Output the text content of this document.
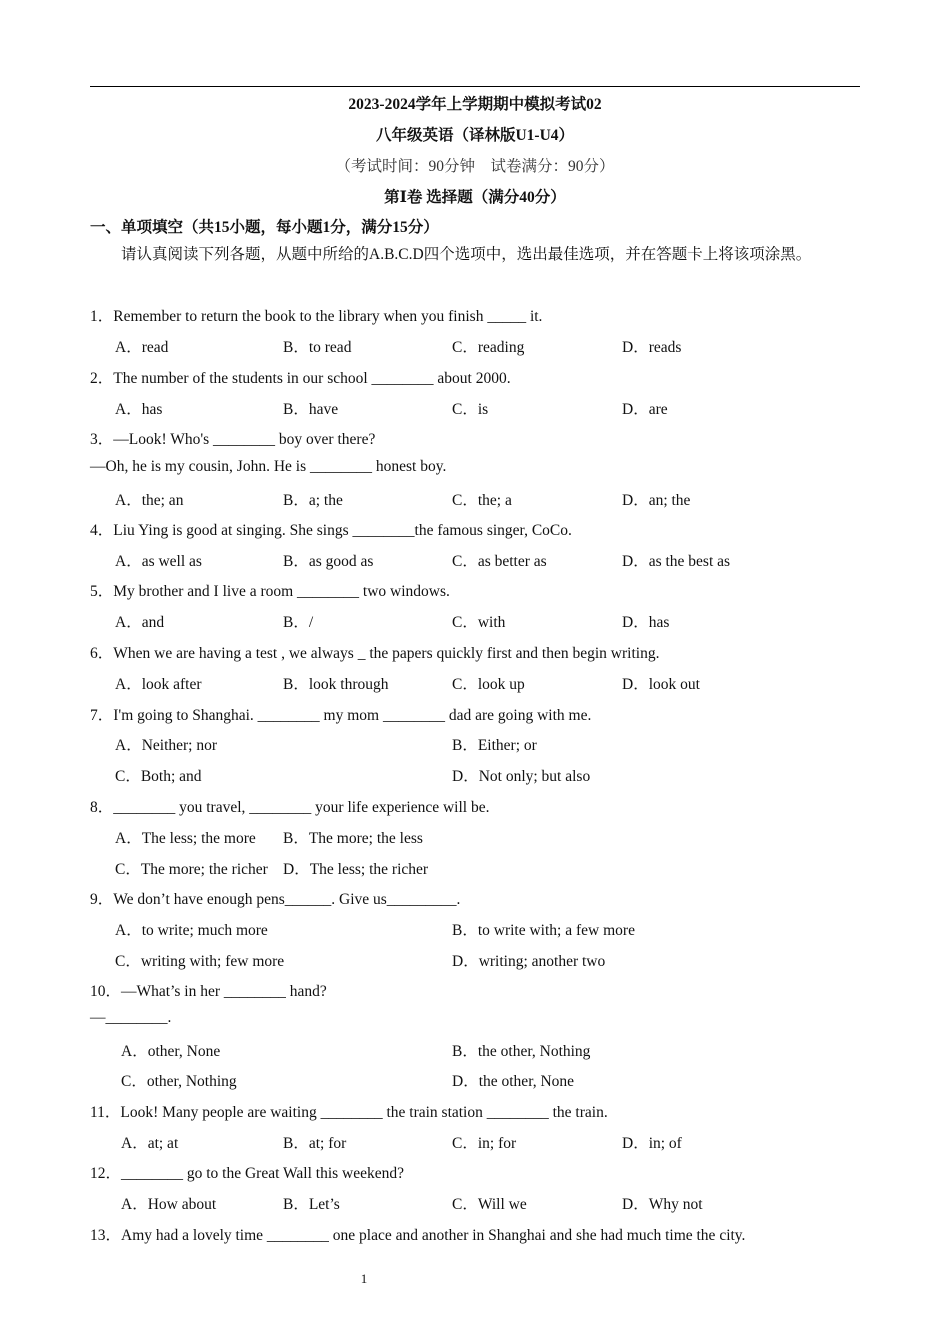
2023-2024学年上学期期中模拟考试02
八年级英语（译林版U1-U4）
（考试时间：90分钟　试卷满分：90分）
第Ⅰ卷 选择题（满分40分）
一、单项填空（共15小题，每小题1分，满分15分）
请认真阅读下列各题，从题中所给的A.B.C.D四个选项中，选出最佳选项，并在答题卡上将该项涂黑。
1．Remember to return the book to the library when you finish _____ it.
A．read	B．to read	C．reading	D．reads
2．The number of the students in our school ________ about 2000.
A．has	B．have	C．is	D．are
3．—Look! Who's ________ boy over there?
—Oh, he is my cousin, John. He is ________ honest boy.
A．the; an	B．a; the	C．the; a	D．an; the
4．Liu Ying is good at singing. She sings ________the famous singer, CoCo.
A．as well as	B．as good as	C．as better as	D．as the best as
5．My brother and I live a room ________ two windows.
A．and	B．/	C．with	D．has
6．When we are having a test , we always _ the papers quickly first and then begin writing.
A．look after	B．look through	C．look up	D．look out
7．I'm going to Shanghai. ________ my mom ________ dad are going with me.
A．Neither; nor	B．Either; or
C．Both; and	D．Not only; but also
8．________ you travel, ________ your life experience will be.
A．The less; the more B．The more; the less
C．The more; the richer D．The less; the richer
9．We don’t have enough pens______. Give us_________.
A．to write; much more	B．to write with; a few more
C．writing with; few more	D．writing; another two
10．—What’s in her ________ hand?
—________.
A．other, None	B．the other, Nothing
C．other, Nothing	D．the other, None
11．Look! Many people are waiting ________ the train station ________ the train.
A．at; at	B．at; for	C．in; for	D．in; of
12．________ go to the Great Wall this weekend?
A．How about	B．Let’s	C．Will we	D．Why not
13．Amy had a lovely time ________ one place and another in Shanghai and she had much time the city.
1
